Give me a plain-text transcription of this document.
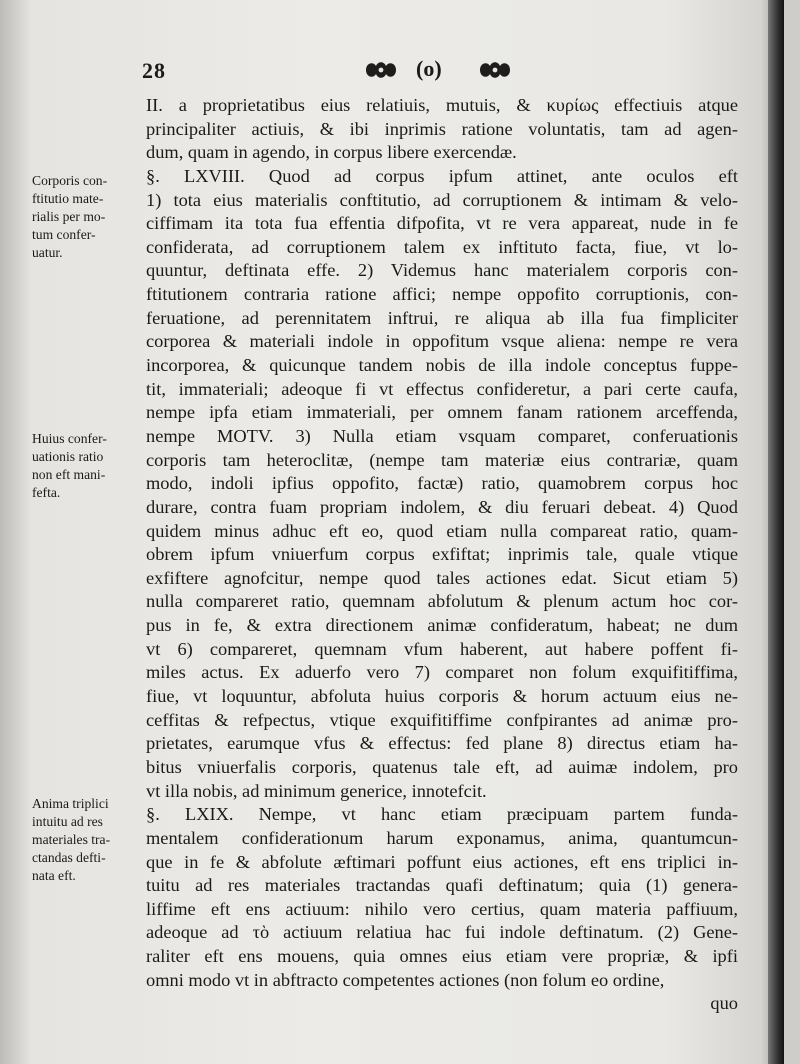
28	(o)
Corporis con-
ftitutio mate-
rialis per mo-
tum confer-
uatur.
Huius confer-
uationis ratio
non eft mani-
fefta.
Anima triplici
intuitu ad res
materiales tra-
ctandas defti-
nata eft.
II. a proprietatibus eius relatiuis, mutuis, & κυρίως effectiuis atque
principaliter actiuis, & ibi inprimis ratione voluntatis, tam ad agen-
dum, quam in agendo, in corpus libere exercendæ.
§. LXVIII. Quod ad corpus ipfum attinet, ante oculos eft
1) tota eius materialis conftitutio, ad corruptionem & intimam & velo-
ciffimam ita tota fua effentia difpofita, vt re vera appareat, nude in fe
confiderata, ad corruptionem talem ex inftituto facta, fiue, vt lo-
quuntur, deftinata effe. 2) Videmus hanc materialem corporis con-
ftitutionem contraria ratione affici; nempe oppofito corruptionis, con-
feruatione, ad perennitatem inftrui, re aliqua ab illa fua fimpliciter
corporea & materiali indole in oppofitum vsque aliena: nempe re vera
incorporea, & quicunque tandem nobis de illa indole conceptus fuppe-
tit, immateriali; adeoque fi vt effectus confideretur, a pari certe caufa,
nempe ipfa etiam immateriali, per omnem fanam rationem arceffenda,
nempe MOTV. 3) Nulla etiam vsquam comparet, conferuationis
corporis tam heteroclitæ, (nempe tam materiæ eius contrariæ, quam
modo, indoli ipfius oppofito, factæ) ratio, quamobrem corpus hoc
durare, contra fuam propriam indolem, & diu feruari debeat. 4) Quod
quidem minus adhuc eft eo, quod etiam nulla compareat ratio, quam-
obrem ipfum vniuerfum corpus exfiftat; inprimis tale, quale vtique
exfiftere agnofcitur, nempe quod tales actiones edat. Sicut etiam 5)
nulla compareret ratio, quemnam abfolutum & plenum actum hoc cor-
pus in fe, & extra directionem animæ confideratum, habeat; ne dum
vt 6) compareret, quemnam vfum haberent, aut habere poffent fi-
miles actus. Ex aduerfo vero 7) comparet non folum exquifitiffima,
fiue, vt loquuntur, abfoluta huius corporis & horum actuum eius ne-
ceffitas & refpectus, vtique exquifitiffime confpirantes ad animæ pro-
prietates, earumque vfus & effectus: fed plane 8) directus etiam ha-
bitus vniuerfalis corporis, quatenus tale eft, ad auimæ indolem, pro
vt illa nobis, ad minimum generice, innotefcit.
§. LXIX. Nempe, vt hanc etiam præcipuam partem funda-
mentalem confiderationum harum exponamus, anima, quantumcun-
que in fe & abfolute æftimari poffunt eius actiones, eft ens triplici in-
tuitu ad res materiales tractandas quafi deftinatum; quia (1) genera-
liffime eft ens actiuum: nihilo vero certius, quam materia paffiuum,
adeoque ad τὸ actiuum relatiua hac fui indole deftinatum. (2) Gene-
raliter eft ens mouens, quia omnes eius etiam vere propriæ, & ipfi
omni modo vt in abftracto competentes actiones (non folum eo ordine,
quo
